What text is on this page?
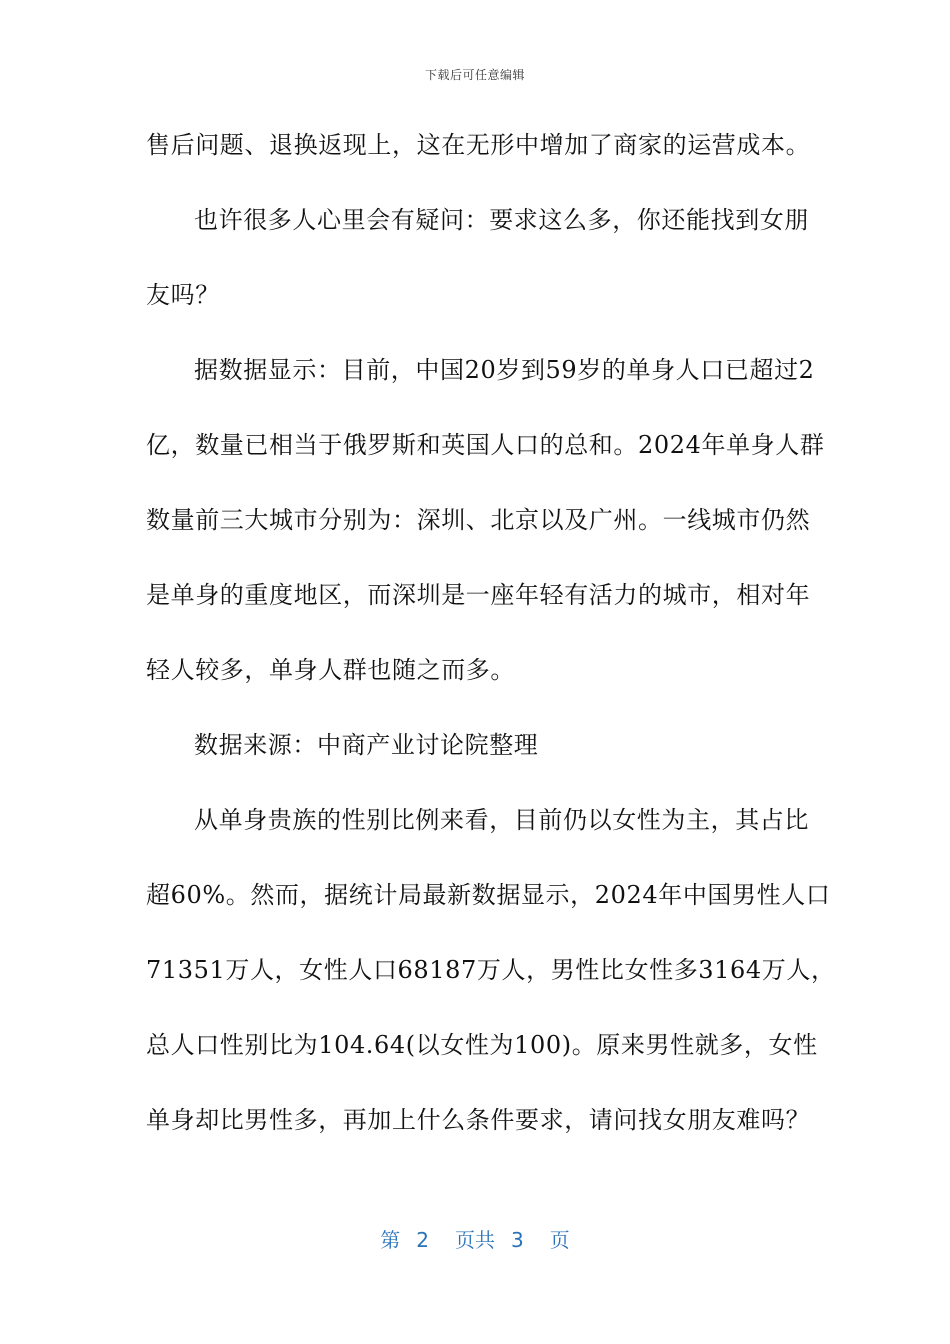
下载后可任意编辑
售后问题、退换返现上，这在无形中增加了商家的运营成本。
也许很多人心里会有疑问：要求这么多，你还能找到女朋
友吗？
据数据显示：目前，中国20岁到59岁的单身人口已超过2
亿，数量已相当于俄罗斯和英国人口的总和。2024年单身人群
数量前三大城市分别为：深圳、北京以及广州。一线城市仍然
是单身的重度地区，而深圳是一座年轻有活力的城市，相对年
轻人较多，单身人群也随之而多。
数据来源：中商产业讨论院整理
从单身贵族的性别比例来看，目前仍以女性为主，其占比
超60%。然而，据统计局最新数据显示，2024年中国男性人口
71351万人，女性人口68187万人，男性比女性多3164万人，
总人口性别比为104.64(以女性为100)。原来男性就多，女性
单身却比男性多，再加上什么条件要求，请问找女朋友难吗？
第 2 页共 3 页
